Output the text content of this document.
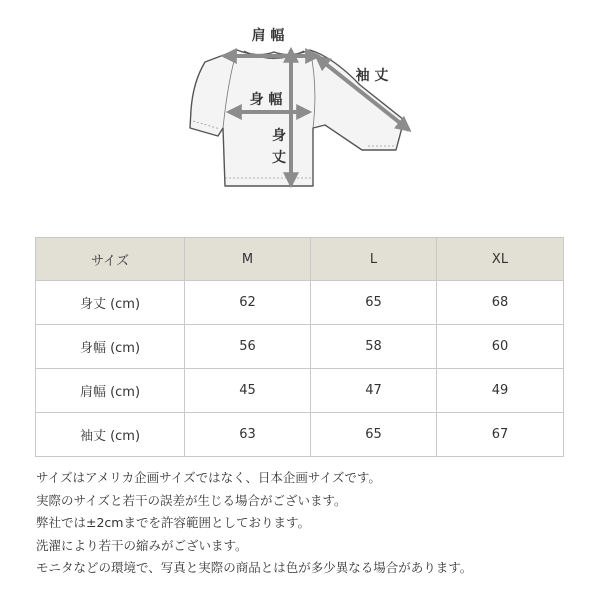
肩 幅
身 幅
袖 丈
身
丈
サイズ	M	L	XL
身丈 (cm)	62	65	68
身幅 (cm)	56	58	60
肩幅 (cm)	45	47	49
袖丈 (cm)	63	65	67
サイズはアメリカ企画サイズではなく、日本企画サイズです。
実際のサイズと若干の誤差が生じる場合がございます。
弊社では±2cmまでを許容範囲としております。
洗濯により若干の縮みがございます。
モニタなどの環境で、写真と実際の商品とは色が多少異なる場合があります。
